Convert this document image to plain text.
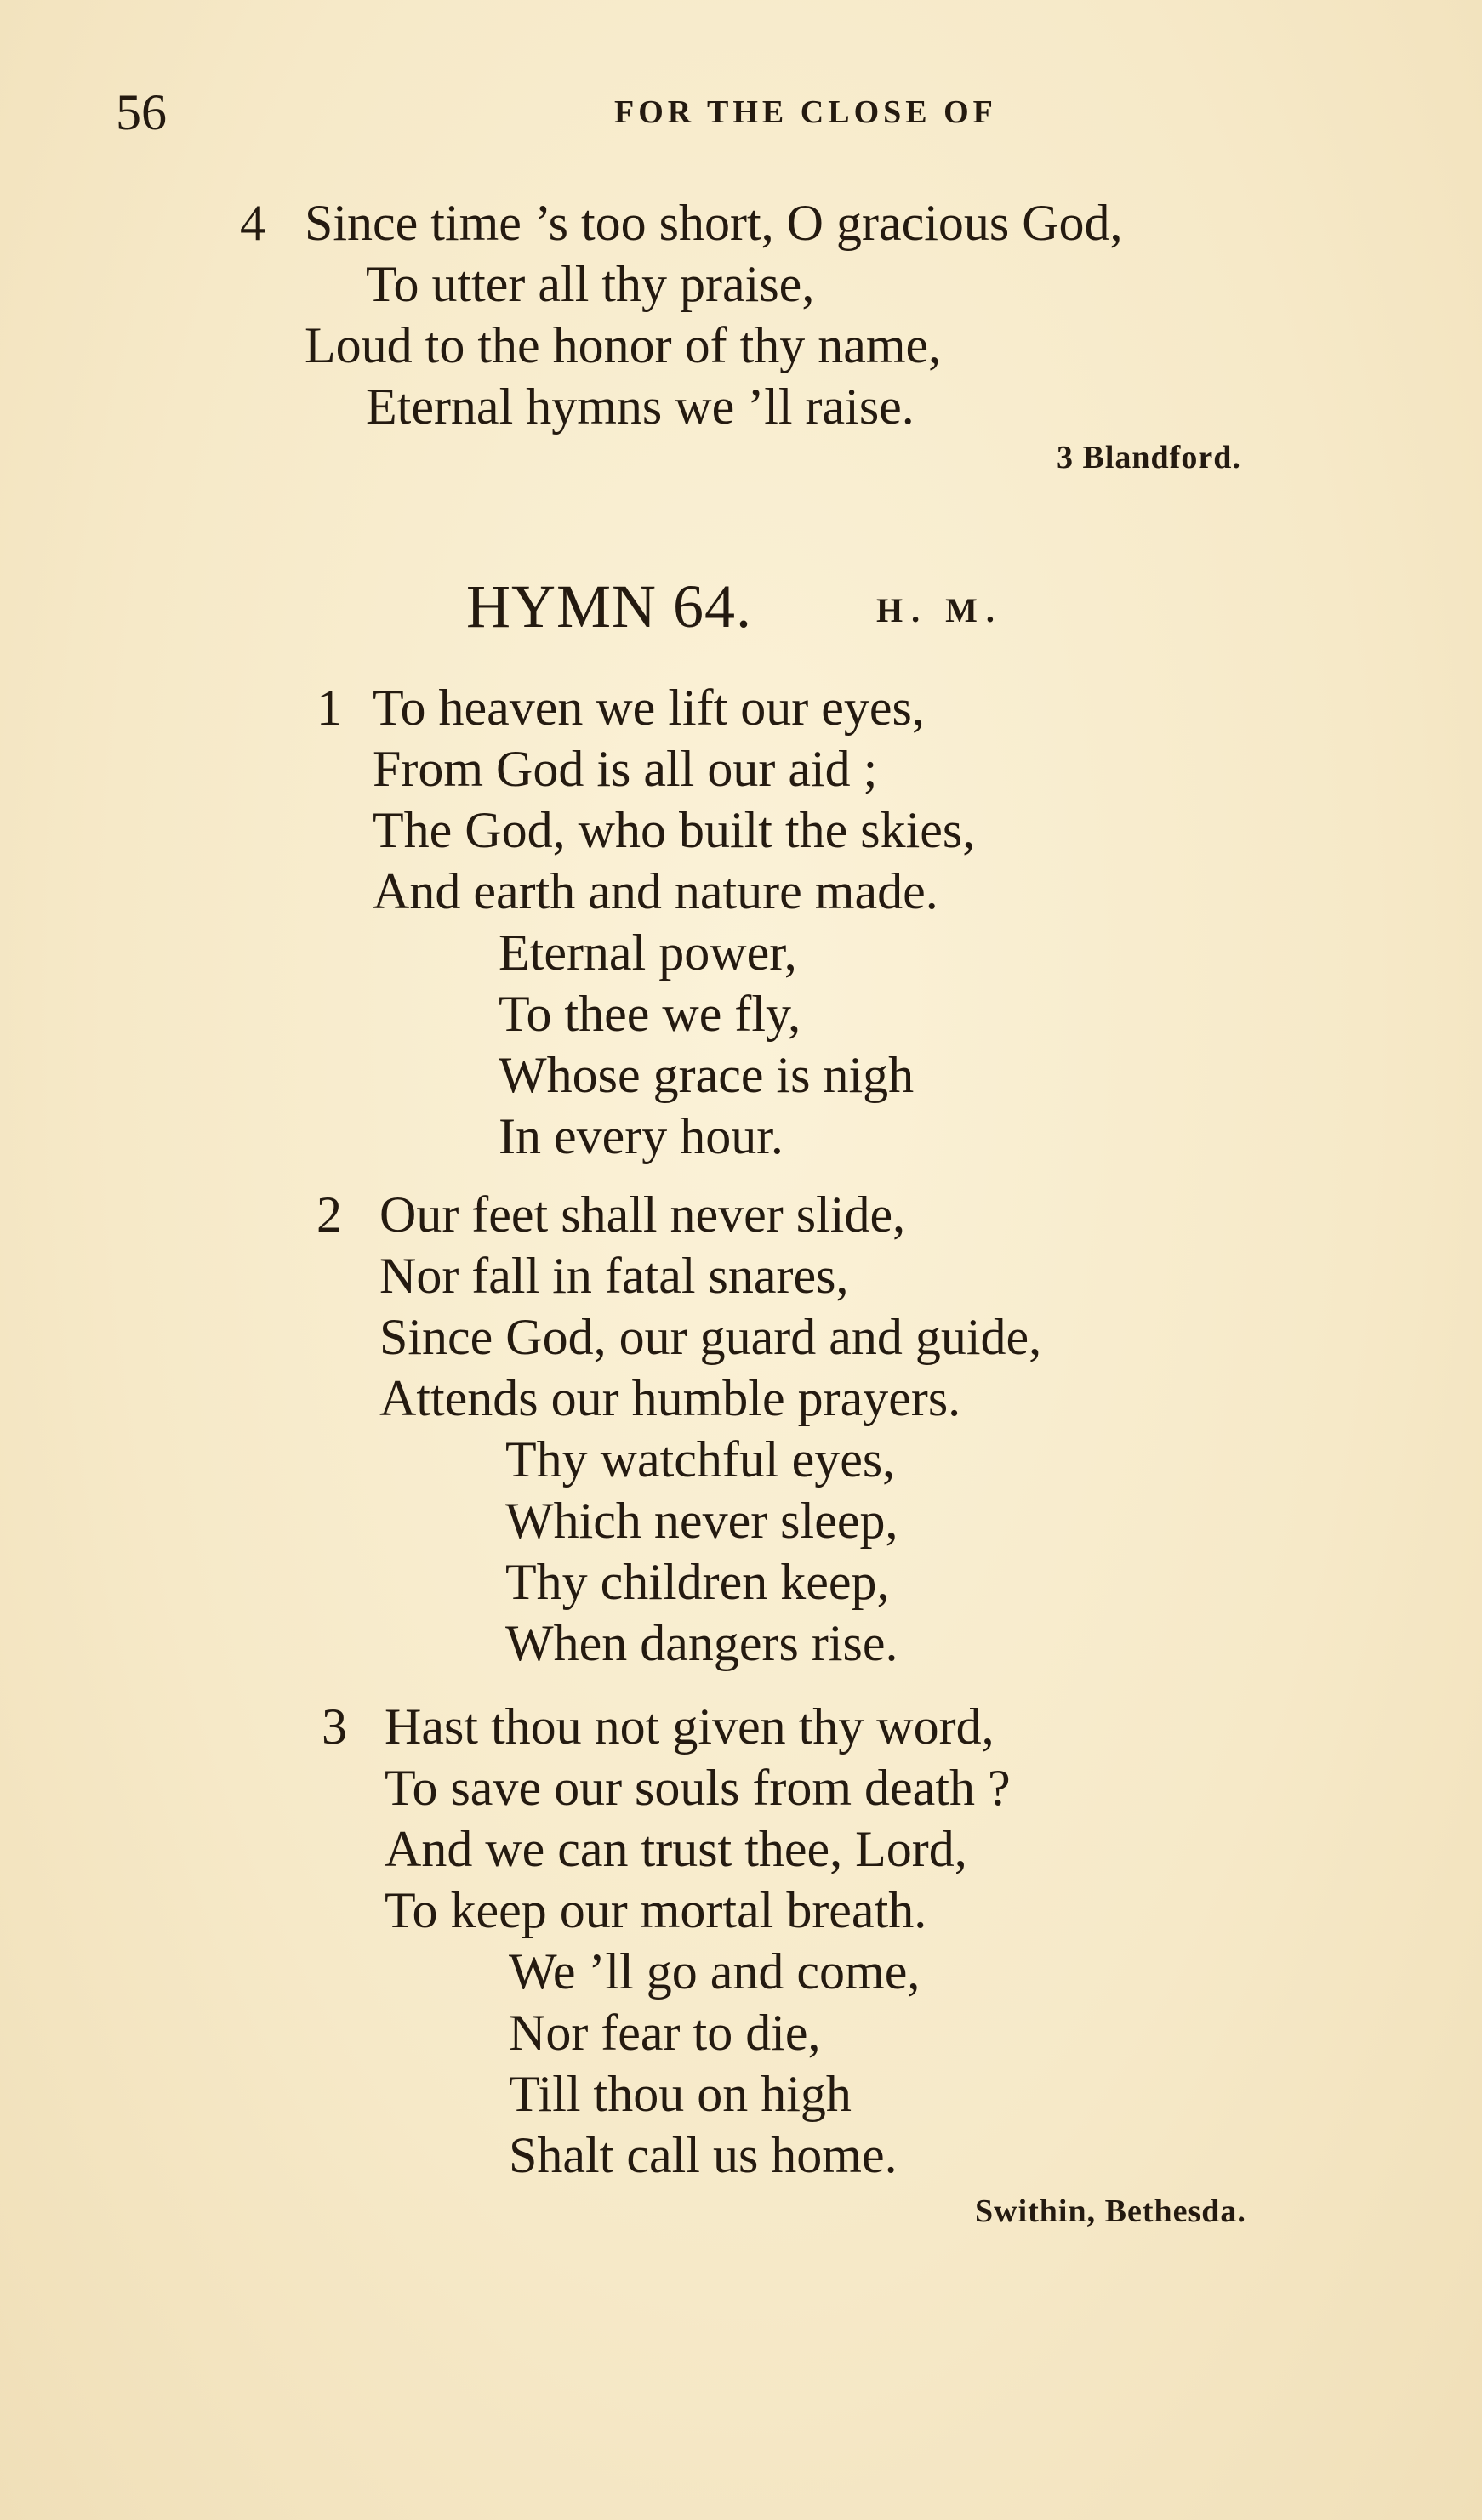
56	FOR THE CLOSE OF
4 Since time ’s too short, O gracious God,
To utter all thy praise,
Loud to the honor of thy name,
Eternal hymns we ’ll raise.
3 Blandford.
HYMN 64.	H. M.
1 To heaven we lift our eyes,
From God is all our aid ;
The God, who built the skies,
And earth and nature made.
Eternal power,
To thee we fly,
Whose grace is nigh
In every hour.
2 Our feet shall never slide,
Nor fall in fatal snares,
Since God, our guard and guide,
Attends our humble prayers.
Thy watchful eyes,
Which never sleep,
Thy children keep,
When dangers rise.
3 Hast thou not given thy word,
To save our souls from death ?
And we can trust thee, Lord,
To keep our mortal breath.
We ’ll go and come,
Nor fear to die,
Till thou on high
Shalt call us home.
Swithin, Bethesda.
